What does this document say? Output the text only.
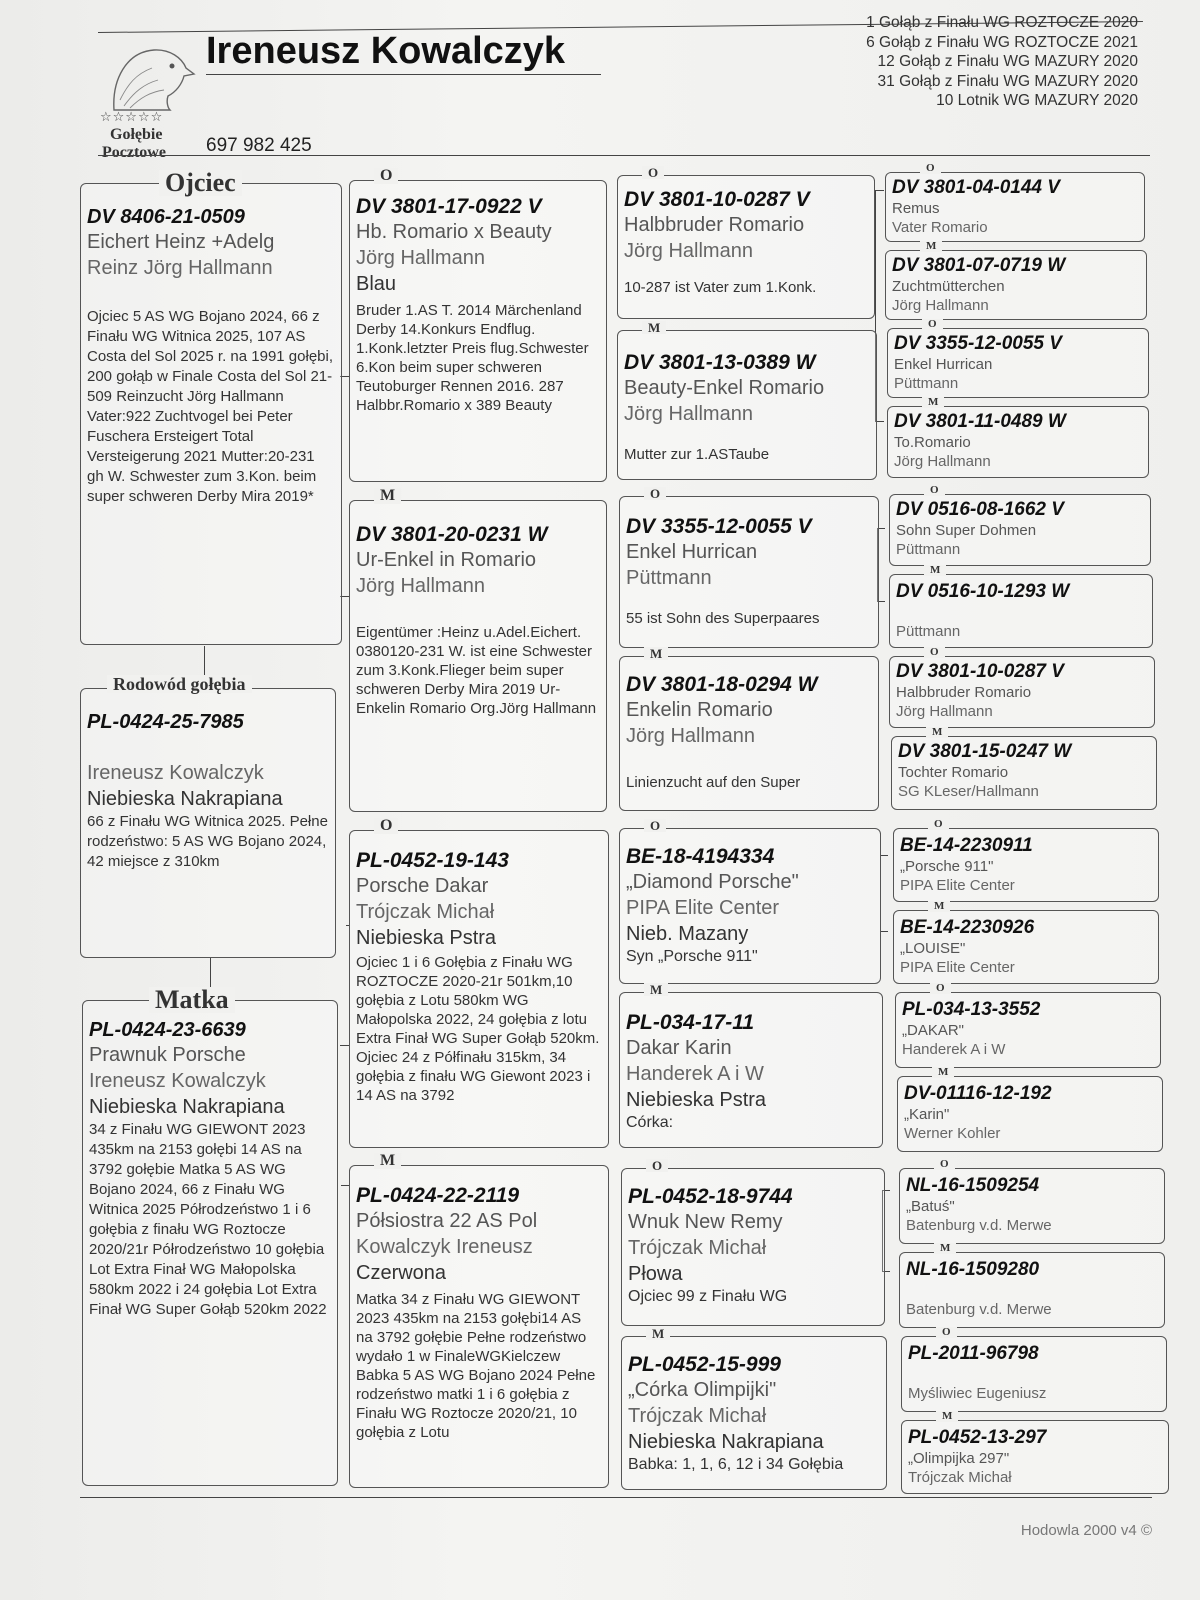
☆☆☆☆☆
Gołębie
Pocztowe
Ireneusz Kowalczyk
697 982 425
1 Gołąb z Finału WG ROZTOCZE 2020
6 Gołąb z Finału WG ROZTOCZE 2021
12 Gołąb z Finału WG MAZURY 2020
31 Gołąb z Finału WG MAZURY 2020
10 Lotnik WG MAZURY 2020
Ojciec
DV 8406-21-0509
Eichert Heinz +Adelg
Reinz Jörg Hallmann
Ojciec 5 AS WG Bojano 2024, 66 z Finału WG Witnica 2025, 107 AS Costa del Sol 2025 r. na 1991 gołębi, 200 gołąb w Finale Costa del Sol 21-509 Reinzucht Jörg Hallmann Vater:922 Zuchtvogel bei Peter Fuschera Ersteigert Total Versteigerung 2021 Mutter:20-231 gh W. Schwester zum 3.Kon. beim super schweren Derby Mira 2019*
Rodowód gołębia
PL-0424-25-7985
Ireneusz Kowalczyk
Niebieska Nakrapiana
66 z Finału WG Witnica 2025. Pełne rodzeństwo: 5 AS WG Bojano 2024, 42 miejsce z 310km
Matka
PL-0424-23-6639
Prawnuk Porsche
Ireneusz Kowalczyk
Niebieska Nakrapiana
34 z Finału WG GIEWONT 2023 435km na 2153 gołębi 14 AS na 3792 gołębie Matka 5 AS WG Bojano 2024, 66 z Finału WG Witnica 2025 Półrodzeństwo 1 i 6 gołębia z finału WG Roztocze 2020/21r Półrodzeństwo 10 gołębia Lot Extra Finał WG Małopolska 580km 2022 i 24 gołębia Lot Extra Finał WG Super Gołąb 520km 2022
O
DV 3801-17-0922 V
Hb. Romario x Beauty
Jörg Hallmann
Blau
Bruder 1.AS T. 2014 Märchenland Derby 14.Konkurs Endflug. 1.Konk.letzter Preis flug.Schwester 6.Kon beim super schweren Teutoburger Rennen 2016. 287 Halbbr.Romario x 389 Beauty
M
DV 3801-20-0231 W
Ur-Enkel in Romario
Jörg Hallmann
Eigentümer :Heinz u.Adel.Eichert. 0380120-231 W. ist eine Schwester zum 3.Konk.Flieger beim super schweren Derby Mira 2019 Ur-Enkelin Romario Org.Jörg Hallmann
O
PL-0452-19-143
Porsche Dakar
Trójczak Michał
Niebieska Pstra
Ojciec 1 i 6 Gołębia z Finału WG ROZTOCZE 2020-21r 501km,10 gołębia z Lotu 580km WG Małopolska 2022, 24 gołębia z lotu Extra Finał WG Super Gołąb 520km. Ojciec 24 z Półfinału 315km, 34 gołębia z finału WG Giewont 2023 i 14 AS na 3792
M
PL-0424-22-2119
Półsiostra 22 AS Pol
Kowalczyk Ireneusz
Czerwona
Matka 34 z Finału WG GIEWONT 2023 435km na 2153 gołębi14 AS na 3792 gołębie Pełne rodzeństwo wydało 1 w FinaleWGKielczew Babka 5 AS WG Bojano 2024 Pełne rodzeństwo matki 1 i 6 gołębia z Finału WG Roztocze 2020/21, 10 gołębia z Lotu
O
DV 3801-10-0287 V
Halbbruder Romario
Jörg Hallmann
10-287 ist Vater zum 1.Konk.
M
DV 3801-13-0389 W
Beauty-Enkel Romario
Jörg Hallmann
Mutter zur 1.ASTaube
O
DV 3355-12-0055 V
Enkel Hurrican
Püttmann
55 ist Sohn des Superpaares
M
DV 3801-18-0294 W
Enkelin Romario
Jörg Hallmann
Linienzucht auf den Super
O
BE-18-4194334
„Diamond Porsche"
PIPA Elite Center
Nieb. Mazany
Syn „Porsche 911"
M
PL-034-17-11
Dakar Karin
Handerek A i W
Niebieska Pstra
Córka:
O
PL-0452-18-9744
Wnuk New Remy
Trójczak Michał
Płowa
Ojciec 99 z Finału WG
M
PL-0452-15-999
„Córka Olimpijki"
Trójczak Michał
Niebieska Nakrapiana
Babka: 1, 1, 6, 12 i 34 Gołębia
O
DV 3801-04-0144 V
Remus
Vater Romario
M
DV 3801-07-0719 W
Zuchtmütterchen
Jörg Hallmann
O
DV 3355-12-0055 V
Enkel Hurrican
Püttmann
M
DV 3801-11-0489 W
To.Romario
Jörg Hallmann
O
DV 0516-08-1662 V
Sohn Super Dohmen
Püttmann
M
DV 0516-10-1293 W
Püttmann
O
DV 3801-10-0287 V
Halbbruder Romario
Jörg Hallmann
M
DV 3801-15-0247 W
Tochter Romario
SG KLeser/Hallmann
O
BE-14-2230911
„Porsche 911"
PIPA Elite Center
M
BE-14-2230926
„LOUISE"
PIPA Elite Center
O
PL-034-13-3552
„DAKAR"
Handerek A i W
M
DV-01116-12-192
„Karin"
Werner Kohler
O
NL-16-1509254
„Batuś"
Batenburg v.d. Merwe
M
NL-16-1509280
Batenburg v.d. Merwe
O
PL-2011-96798
Myśliwiec Eugeniusz
M
PL-0452-13-297
„Olimpijka 297"
Trójczak Michał
Hodowla 2000 v4 ©
